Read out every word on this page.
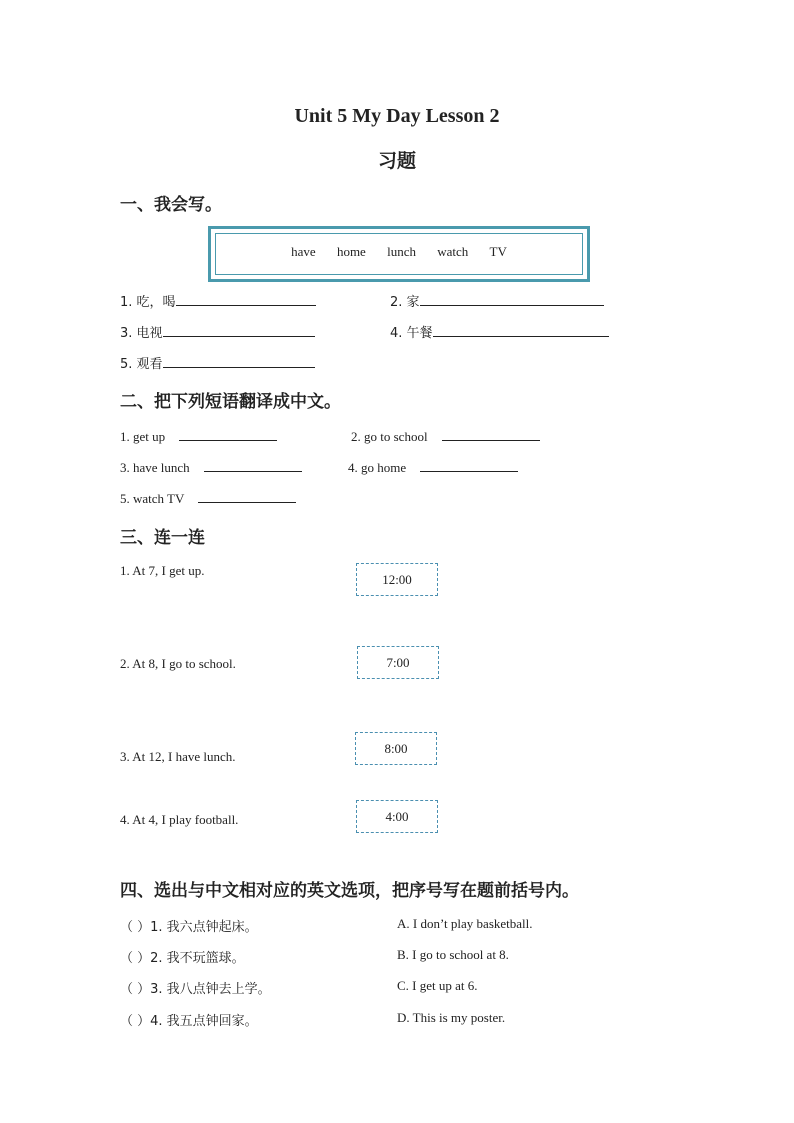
Unit 5 My Day Lesson 2
习题
一、我会写。
have home lunch watch TV
1. 吃，喝	2. 家
3. 电视	4. 午餐
5. 观看
二、把下列短语翻译成中文。
1. get up	2. go to school
3. have lunch	4. go home
5. watch TV
三、连一连
1. At 7, I get up.
2. At 8, I go to school.
3. At 12, I have lunch.
4. At 4, I play football.
12:00
7:00
8:00
4:00
四、选出与中文相对应的英文选项，把序号写在题前括号内。
（ ）1. 我六点钟起床。
（ ）2. 我不玩篮球。
（ ）3. 我八点钟去上学。
（ ）4. 我五点钟回家。
A. I don’t play basketball.
B. I go to school at 8.
C. I get up at 6.
D. This is my poster.
